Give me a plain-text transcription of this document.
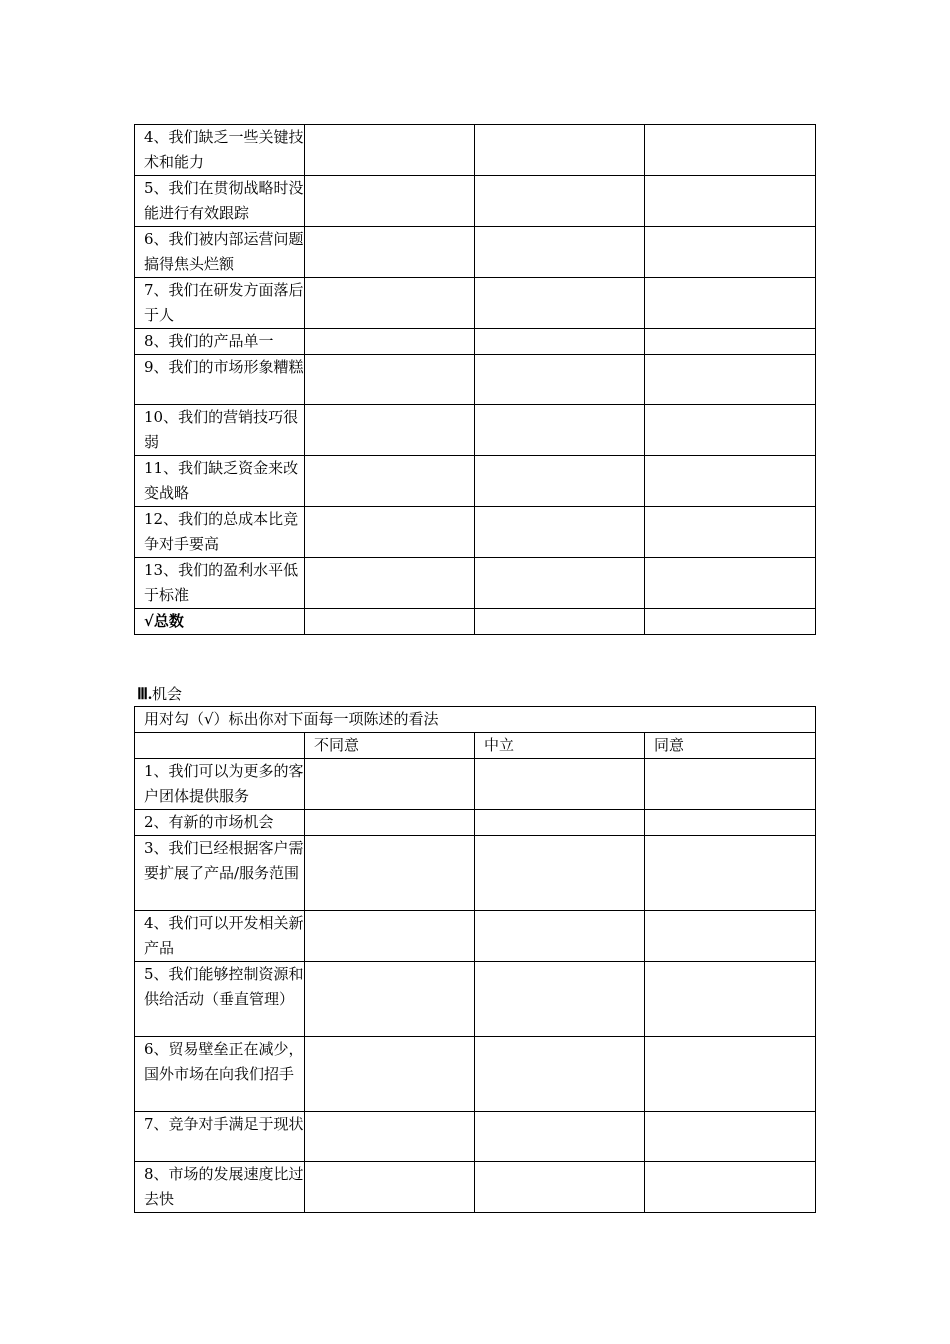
4、我们缺乏一些关键技术和能力			
5、我们在贯彻战略时没能进行有效跟踪			
6、我们被内部运营问题搞得焦头烂额			
7、我们在研发方面落后于人			
8、我们的产品单一			
9、我们的市场形象糟糕			
10、我们的营销技巧很弱			
11、我们缺乏资金来改变战略			
12、我们的总成本比竞争对手要高			
13、我们的盈利水平低于标准			
√总数			
Ⅲ.机会
用对勾（√）标出你对下面每一项陈述的看法			
	不同意	中立	同意
1、我们可以为更多的客户团体提供服务			
2、有新的市场机会			
3、我们已经根据客户需要扩展了产品/服务范围			
4、我们可以开发相关新产品			
5、我们能够控制资源和供给活动（垂直管理）			
6、贸易壁垒正在减少，国外市场在向我们招手			
7、竞争对手满足于现状			
8、市场的发展速度比过去快			
